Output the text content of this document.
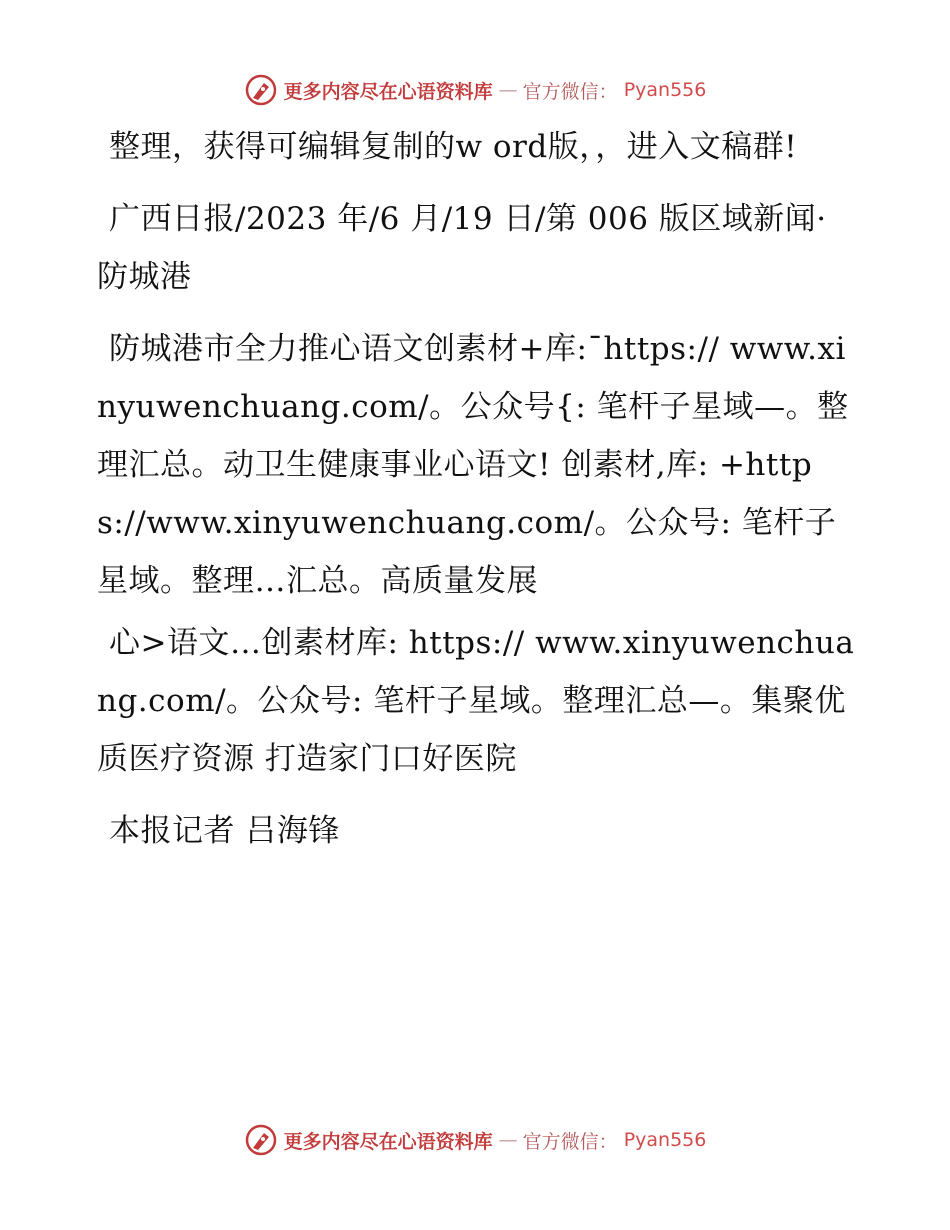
更多内容尽在心语资料库 — 官方微信： Pyan556

整理，获得可编辑复制的w ord版，，进入文稿群!

广西日报/2023 年/6 月/19 日/第 006 版区域新闻· 防城港

防城港市全力推心语文创素材+库:¯https:// www.xinyuwenchuang.com/。公众号{: 笔杆子星域—。整理汇总。动卫生健康事业心语文! 创素材,库: +https://www.xinyuwenchuang.com/。公众号: 笔杆子星域。整理…汇总。高质量发展

心>语文…创素材库: https:// www.xinyuwenchuang.com/。公众号: 笔杆子星域。整理汇总—。集聚优质医疗资源 打造家门口好医院

本报记者 吕海锋

更多内容尽在心语资料库 — 官方微信： Pyan556
